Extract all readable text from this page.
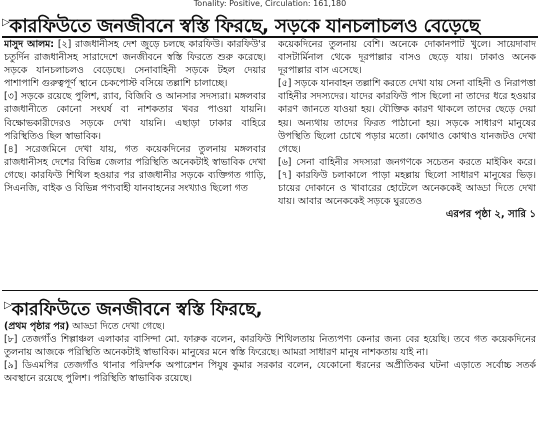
Tonality: Positive, Circulation: 161,180
▷কারফিউতে জনজীবনে স্বস্তি ফিরছে, সড়কে যানচলাচলও বেড়েছে

মাসুদ আলম: [২] রাজধানীসহ দেশ জুড়ে চলছে কারফিউ। কারফিউ'র চতুর্দিন রাজধানীসহ সারাদেশে জনজীবনে স্বস্তি ফিরতে শুরু করেছে। সড়কে যানচলাচলও বেড়েছে। সেনাবাহিনী সড়কে টহল দেয়ার পাশাপাশি গুরুত্বপূর্ণ স্থানে চেকপোস্ট বসিয়ে তল্লাশি চালাচ্ছে।

[৩] সড়কে রয়েছে পুলিশ, র‍্যাব, বিজিবি ও আনসার সদস্যরা। মঙ্গলবার রাজধানীতে কোনো সংঘর্ষ বা নাশকতার খবর পাওয়া যায়নি। বিক্ষোভকারীদেরও সড়কে দেখা যায়নি। এছাড়া ঢাকার বাহিরে পরিস্থিতিও ছিল স্বাভাবিক।

[৪] সরেজমিনে দেখা যায়, গত কয়েকদিনের তুলনায় মঙ্গলবার রাজধানীসহ দেশের বিভিন্ন জেলার পরিস্থিতি অনেকটাই স্বাভাবিক দেখা গেছে। কারফিউ শিথিল হওয়ার পর রাজধানীর সড়কে ব্যক্তিগত গাড়ি, সিএনজি, বাইক ও বিভিন্ন পণ্যবাহী যানবাহনের সংখ্যাও ছিলো গত

কয়েকদিনের তুলনায় বেশি। অনেকে দোকানপাট খুলে। সায়েদাবাদ বাসটার্মিনাল থেকে দূরপাল্লার বাসও ছেড়ে যায়। ঢাকাও অনেক দূরপাল্লার বাস এসেছে।

[৫] সড়কে যানবাহন তল্লাশি করতে দেখা যায় সেনা বাহিনী ও নিরাপত্তা বাহিনীর সদস্যদের। যাদের কারফিউ পাস ছিলো না তাদের ধরে হওয়ার কারণ জানতে যাওয়া হয়। যৌক্তিক কারণ থাকলে তাদের ছেড়ে দেয়া হয়। অন্যথায় তাদের ফিরত পাঠানো হয়। সড়কে সাধারণ মানুষের উপস্থিতি ছিলো চোখে পড়ার মতো। কোথাও কোথাও যানজটও দেখা গেছে।

[৬] সেনা বাহিনীর সদস্যরা জনগণকে সচেতন করতে মাইকিং করে। [৭] কারফিউ চলাকালে পাড়া মহল্লায় ছিলো সাধারণ মানুষের ভিড়। চায়ের দোকানে ও খাবারের হোটেলে অনেককেই আড্ডা দিতে দেখা যায়। আবার অনেককেই সড়কে ঘুরতেও

এরপর পৃষ্ঠা ২, সারি ১

▷কারফিউতে জনজীবনে স্বস্তি ফিরছে,

(প্রথম পৃষ্ঠার পর) আড্ডা দিতে দেখা গেছে।

[৮] তেজগাঁও শিল্পাঞ্চল এলাকার বাসিন্দা মো. ফারুক বলেন, কারফিউ শিথিলতায় নিত্যপণ্য কেনার জন্য বের হয়েছি। তবে গত কয়েকদিনের তুলনায় আজকে পরিস্থিতি অনেকটাই স্বাভাবিক। মানুষের মনে স্বস্তি ফিরেছে। আমরা সাধারণ মানুষ নাশকতায় যাই না।

[৯] ডিএমপির তেজগাঁও থানার পরিদর্শক অপারেশন পিযুষ কুমার সরকার বলেন, যেকোনো ধরনের অপ্রীতিকর ঘটনা এড়াতে সর্বোচ্চ সতর্ক অবস্থানে রয়েছে পুলিশ। পরিস্থিতি স্বাভাবিক রয়েছে।
